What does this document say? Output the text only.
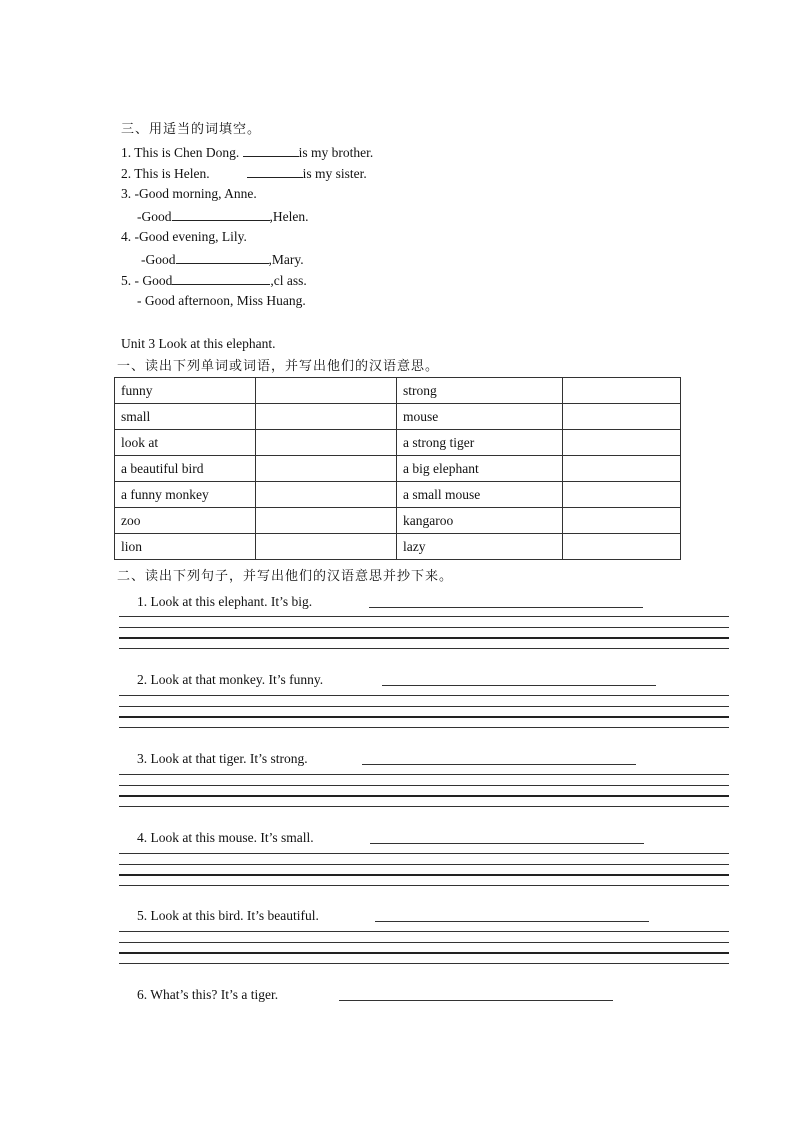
三、用适当的词填空。
1. This is Chen Dong.	is my brother.
2. This is Helen.	is my sister.
3. -Good morning, Anne.
-Good	,Helen.
4. -Good evening, Lily.
-Good	,Mary.
5. - Good	,cl ass.
- Good afternoon, Miss Huang.
Unit 3 Look at this elephant.
一、读出下列单词或词语，并写出他们的汉语意思。
funny		strong	
small		mouse	
look at		a strong tiger	
a beautiful bird		a big elephant	
a funny monkey		a small mouse	
zoo		kangaroo	
lion		lazy	
二、读出下列句子，并写出他们的汉语意思并抄下来。
1. Look at this elephant. It’s big.
2. Look at that monkey. It’s funny.
3. Look at that tiger. It’s strong.
4. Look at this mouse. It’s small.
5. Look at this bird. It’s beautiful.
6. What’s this? It’s a tiger.
